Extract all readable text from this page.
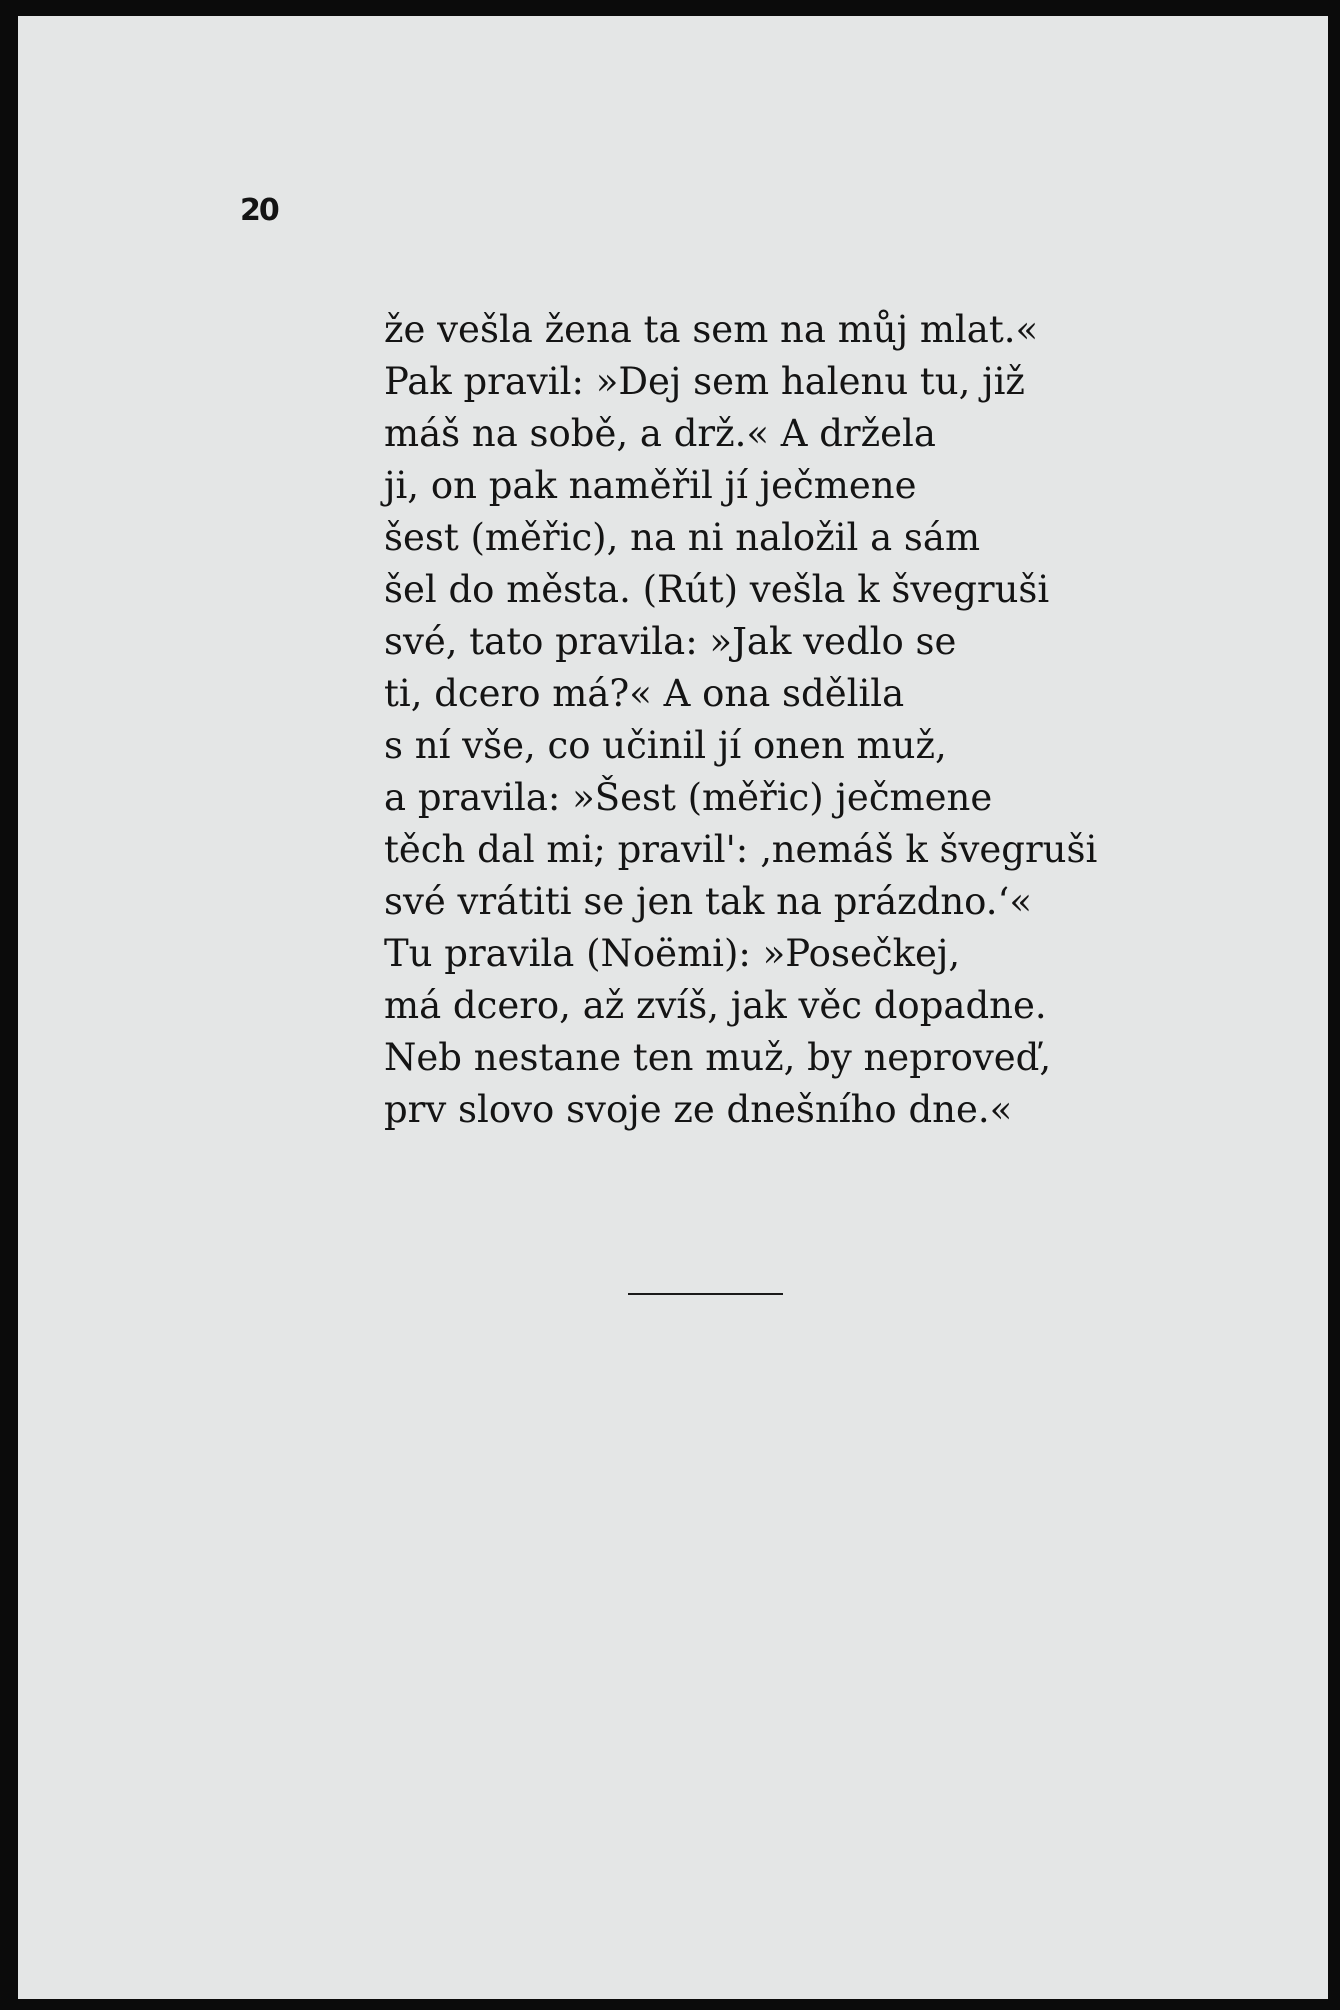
20
že vešla žena ta sem na můj mlat.«
Pak pravil: »Dej sem halenu tu, již
máš na sobě, a drž.« A držela
ji, on pak naměřil jí ječmene
šest (měřic), na ni naložil a sám
šel do města. (Rút) vešla k švegruši
své, tato pravila: »Jak vedlo se
ti, dcero má?« A ona sdělila
s ní vše, co učinil jí onen muž,
a pravila: »Šest (měřic) ječmene
těch dal mi; pravil': ‚nemáš k švegruši
své vrátiti se jen tak na prázdno.‘«
Tu pravila (Noëmi): »Posečkej,
má dcero, až zvíš, jak věc dopadne.
Neb nestane ten muž, by neproveď,
prv slovo svoje ze dnešního dne.«
